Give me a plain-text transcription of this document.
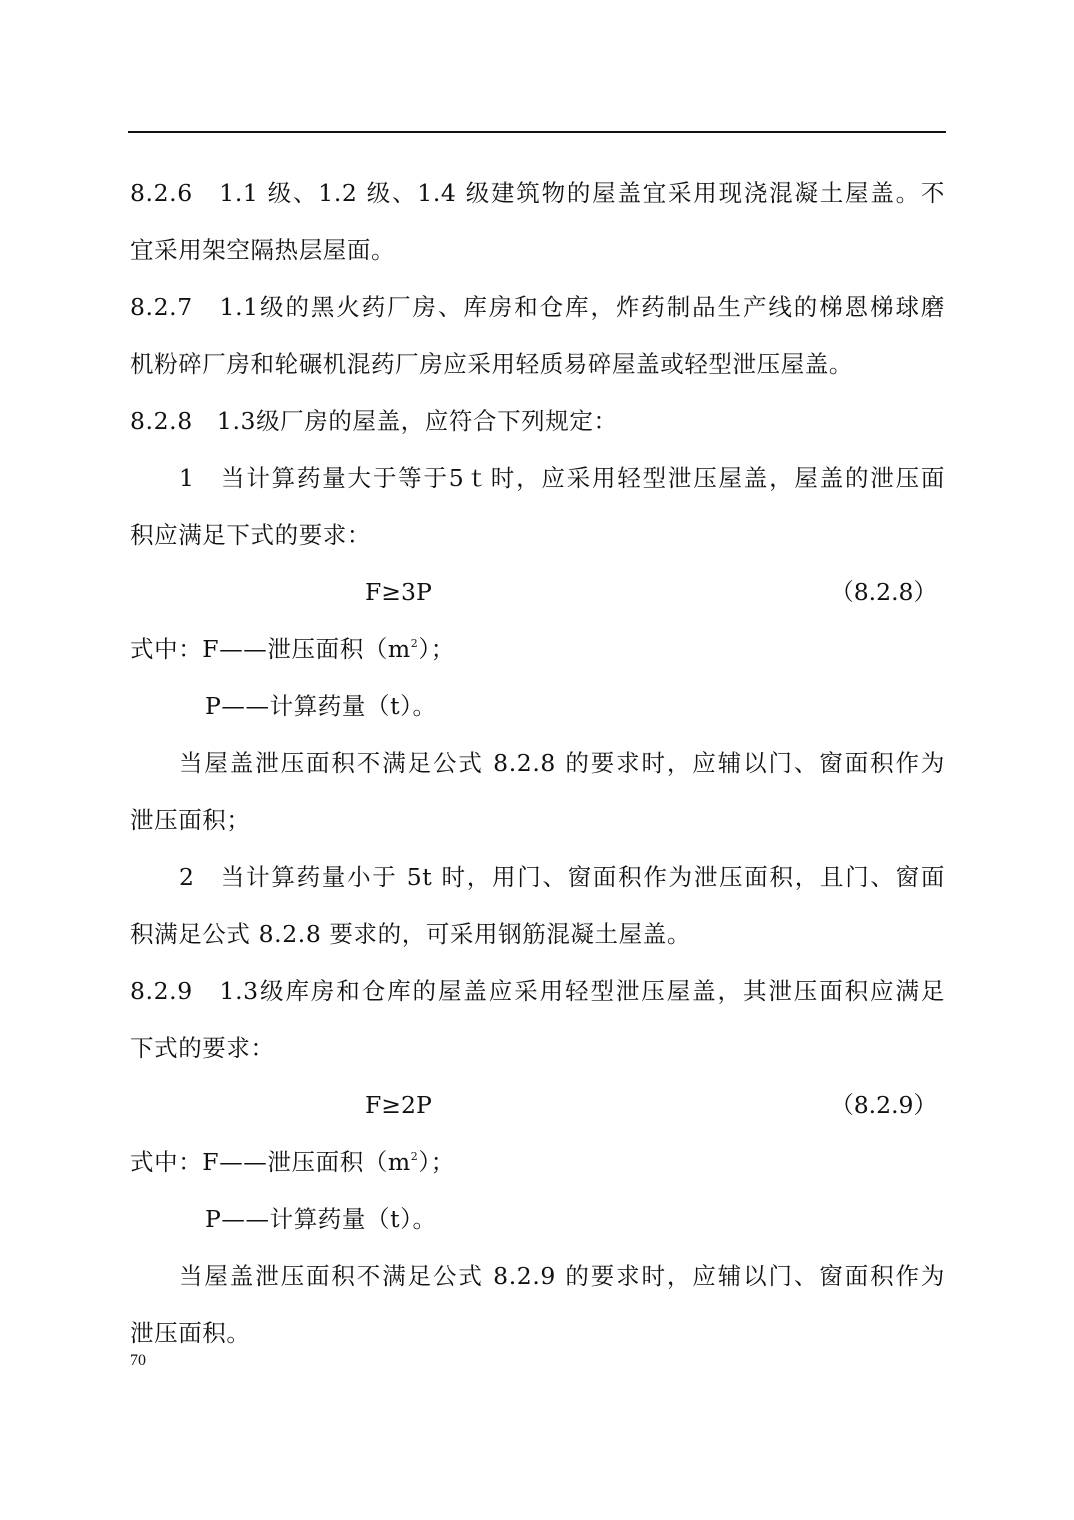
8.2.6　1.1 级、1.2 级、1.4 级建筑物的屋盖宜采用现浇混凝土屋盖。不
宜采用架空隔热层屋面。
8.2.7　1.1级的黑火药厂房、库房和仓库，炸药制品生产线的梯恩梯球磨
机粉碎厂房和轮碾机混药厂房应采用轻质易碎屋盖或轻型泄压屋盖。
8.2.8　1.3级厂房的屋盖，应符合下列规定：
1　当计算药量大于等于5ｔ时，应采用轻型泄压屋盖，屋盖的泄压面
积应满足下式的要求：
F≥3P	（8.2.8）
式中：F——泄压面积$(m^2)$；
P——计算药量（t）。
当屋盖泄压面积不满足公式 8.2.8 的要求时，应辅以门、窗面积作为
泄压面积；
2　当计算药量小于 5t 时，用门、窗面积作为泄压面积，且门、窗面
积满足公式 8.2.8 要求的，可采用钢筋混凝土屋盖。
8.2.9　1.3级库房和仓库的屋盖应采用轻型泄压屋盖，其泄压面积应满足
下式的要求：
F≥2P	（8.2.9）
式中：F——泄压面积$(m^2)$；
P——计算药量（t）。
当屋盖泄压面积不满足公式 8.2.9 的要求时，应辅以门、窗面积作为
泄压面积。
70
